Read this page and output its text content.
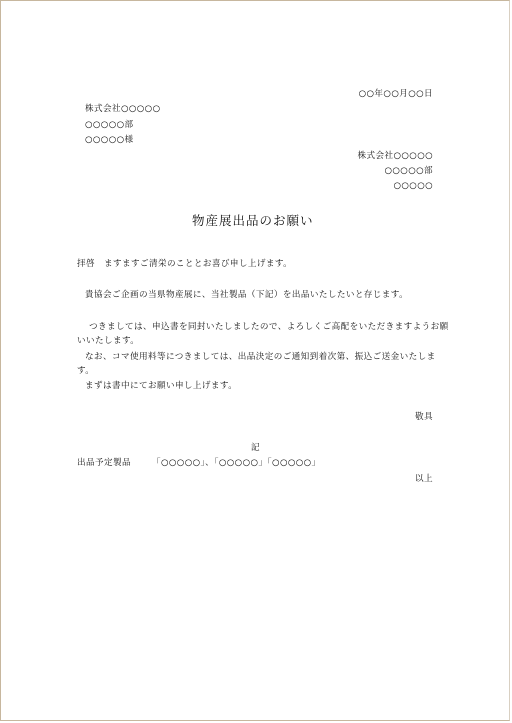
○○年○○月○○日
株式会社○○○○○
○○○○○部
○○○○○様
株式会社○○○○○
○○○○○部
○○○○○
物産展出品のお願い
拝啓　ますますご清栄のこととお喜び申し上げます。
貴協会ご企画の当県物産展に、当社製品（下記）を出品いたしたいと存じます。
つきましては、申込書を同封いたしましたので、よろしくご高配をいただきますようお願いいたします。
なお、コマ使用料等につきましては、出品決定のご通知到着次第、振込ご送金いたします。
まずは書中にてお願い申し上げます。
敬具
記
出品予定製品 「○○○○○」、「○○○○○」「○○○○○」
以上
